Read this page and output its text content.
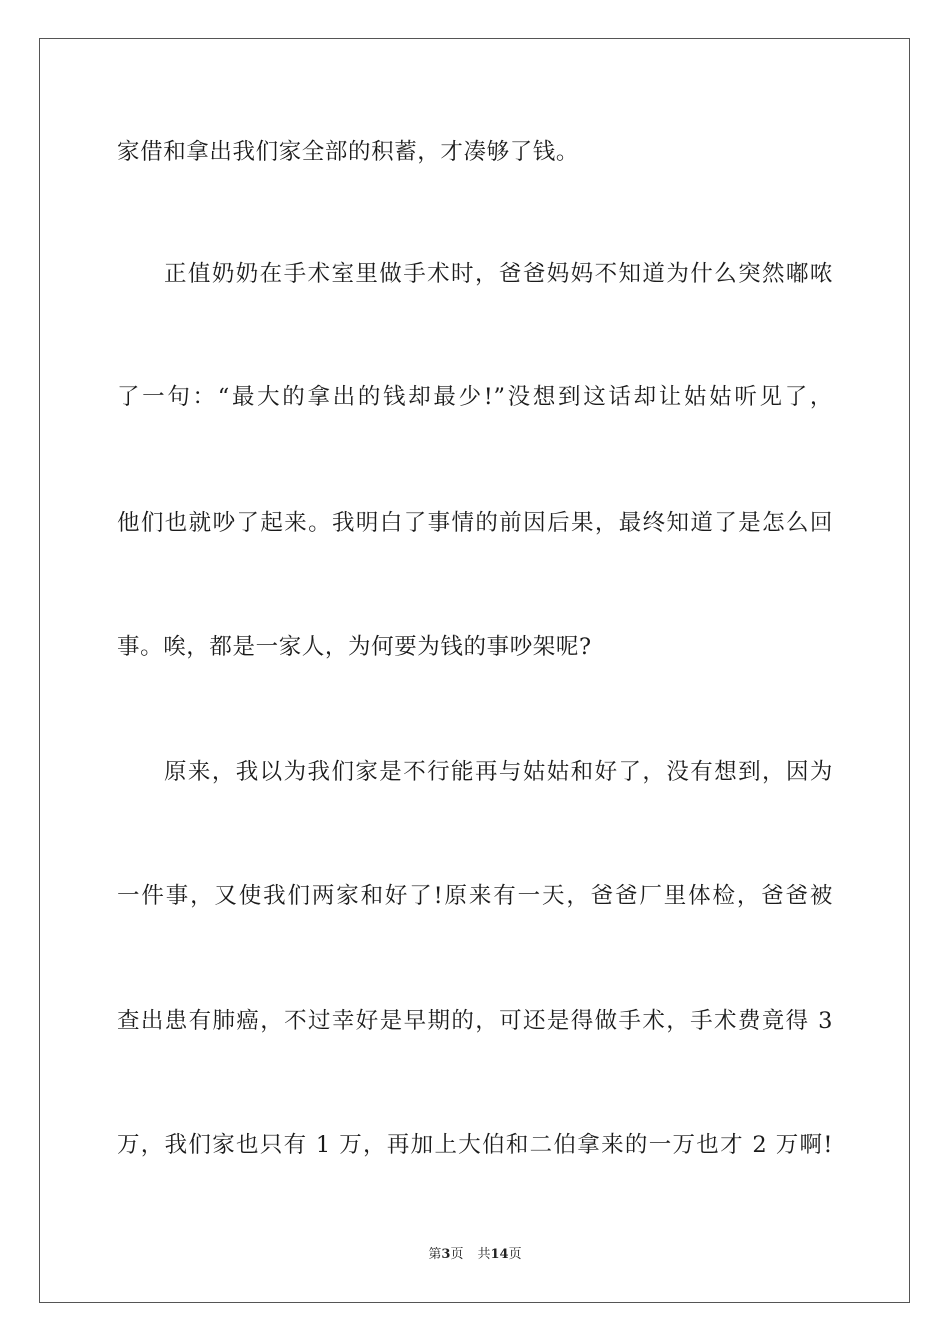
家借和拿出我们家全部的积蓄，才凑够了钱。
正值奶奶在手术室里做手术时，爸爸妈妈不知道为什么突然嘟哝
了一句：“最大的拿出的钱却最少!”没想到这话却让姑姑听见了，
他们也就吵了起来。我明白了事情的前因后果，最终知道了是怎么回
事。唉，都是一家人，为何要为钱的事吵架呢?
原来，我以为我们家是不行能再与姑姑和好了，没有想到，因为
一件事，又使我们两家和好了!原来有一天，爸爸厂里体检，爸爸被
查出患有肺癌，不过幸好是早期的，可还是得做手术，手术费竟得 3
万，我们家也只有 1 万，再加上大伯和二伯拿来的一万也才 2 万啊!
第3页 共14页
